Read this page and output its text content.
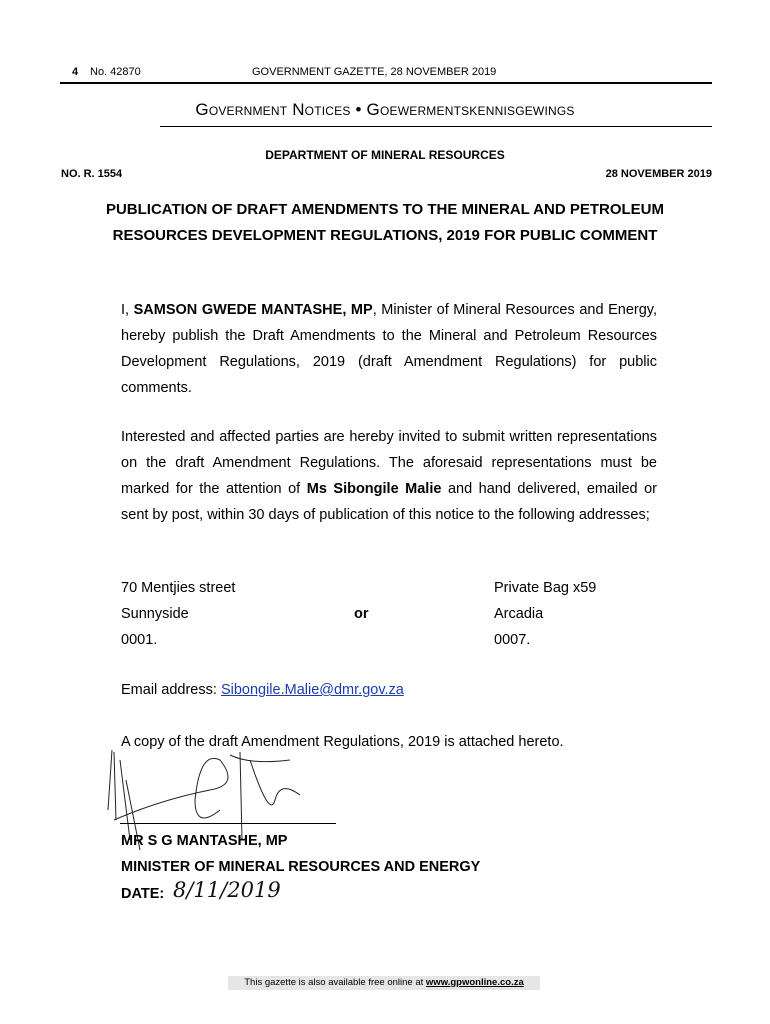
4 No. 42870	GOVERNMENT GAZETTE, 28 NOVEMBER 2019
Government Notices • Goewermentskennisgewings
DEPARTMENT OF MINERAL RESOURCES
NO. R. 1554	28 NOVEMBER 2019
PUBLICATION OF DRAFT AMENDMENTS TO THE MINERAL AND PETROLEUM RESOURCES DEVELOPMENT REGULATIONS, 2019 FOR PUBLIC COMMENT
I, SAMSON GWEDE MANTASHE, MP, Minister of Mineral Resources and Energy, hereby publish the Draft Amendments to the Mineral and Petroleum Resources Development Regulations, 2019 (draft Amendment Regulations) for public comments.
Interested and affected parties are hereby invited to submit written representations on the draft Amendment Regulations. The aforesaid representations must be marked for the attention of Ms Sibongile Malie and hand delivered, emailed or sent by post, within 30 days of publication of this notice to the following addresses;
70 Mentjies street
Sunnyside
0001.
or
Private Bag x59
Arcadia
0007.
Email address: Sibongile.Malie@dmr.gov.za
A copy of the draft Amendment Regulations, 2019 is attached hereto.
MR S G MANTASHE, MP
MINISTER OF MINERAL RESOURCES AND ENERGY
DATE: 8/11/2019
This gazette is also available free online at www.gpwonline.co.za
